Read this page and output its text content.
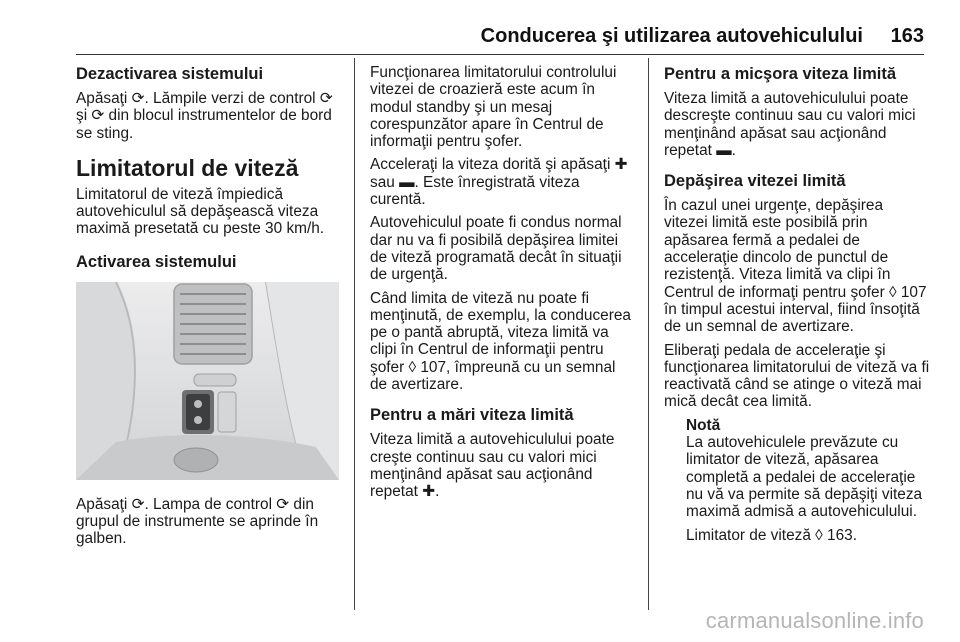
Conducerea şi utilizarea autovehiculului 163
Dezactivarea sistemului

Apăsaţi ⟳. Lămpile verzi de control ⟳ şi ⟳ din blocul instrumentelor de bord se sting.

Limitatorul de viteză

Limitatorul de viteză împiedică autovehiculul să depăşească viteza maximă presetată cu peste 30 km/h.

Activarea sistemului

Apăsaţi ⟳. Lampa de control ⟳ din grupul de instrumente se aprinde în galben.

Funcţionarea limitatorului controlului vitezei de croazieră este acum în modul standby şi un mesaj corespunzător apare în Centrul de informaţii pentru şofer.

Acceleraţi la viteza dorită şi apăsaţi ✚ sau ▬. Este înregistrată viteza curentă.

Autovehiculul poate fi condus normal dar nu va fi posibilă depăşirea limitei de viteză programată decât în situaţii de urgenţă.

Când limita de viteză nu poate fi menţinută, de exemplu, la conducerea pe o pantă abruptă, viteza limită va clipi în Centrul de informaţii pentru şofer ◊ 107, împreună cu un semnal de avertizare.

Pentru a mări viteza limită

Viteza limită a autovehiculului poate creşte continuu sau cu valori mici menţinând apăsat sau acţionând repetat ✚.

Pentru a micşora viteza limită

Viteza limită a autovehiculului poate descreşte continuu sau cu valori mici menţinând apăsat sau acţionând repetat ▬.

Depăşirea vitezei limită

În cazul unei urgenţe, depăşirea vitezei limită este posibilă prin apăsarea fermă a pedalei de acceleraţie dincolo de punctul de rezistenţă. Viteza limită va clipi în Centrul de informaţi pentru şofer ◊ 107 în timpul acestui interval, fiind însoţită de un semnal de avertizare.

Eliberaţi pedala de acceleraţie şi funcţionarea limitatorului de viteză va fi reactivată când se atinge o viteză mai mică decât cea limită.

Notă

La autovehiculele prevăzute cu limitator de viteză, apăsarea completă a pedalei de acceleraţie nu vă va permite să depăşiţi viteza maximă admisă a autovehiculului.

Limitator de viteză ◊ 163.

carmanualsonline.info
